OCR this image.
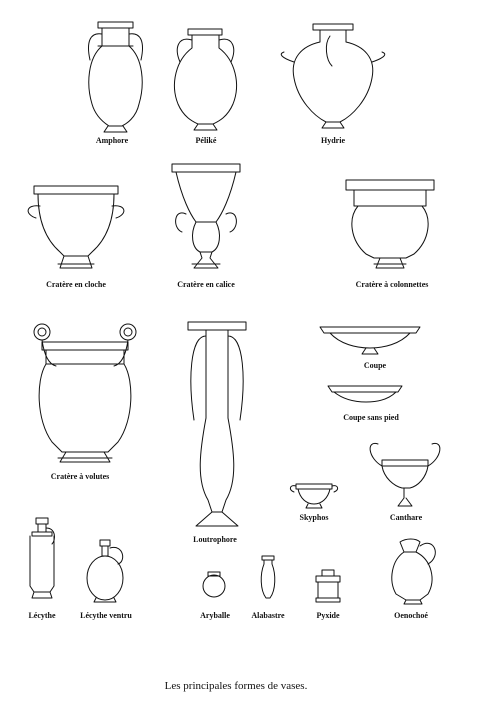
Amphore	Péliké	Hydrie
Cratère en cloche	Cratère en calice	Cratère à colonnettes
Cratère à volutes
Loutrophore
Coupe
Coupe sans pied
Canthare
Skyphos
Lécythe	Lécythe ventru	Aryballe	Alabastre	Pyxide	Oenochoé
Les principales formes de vases.
